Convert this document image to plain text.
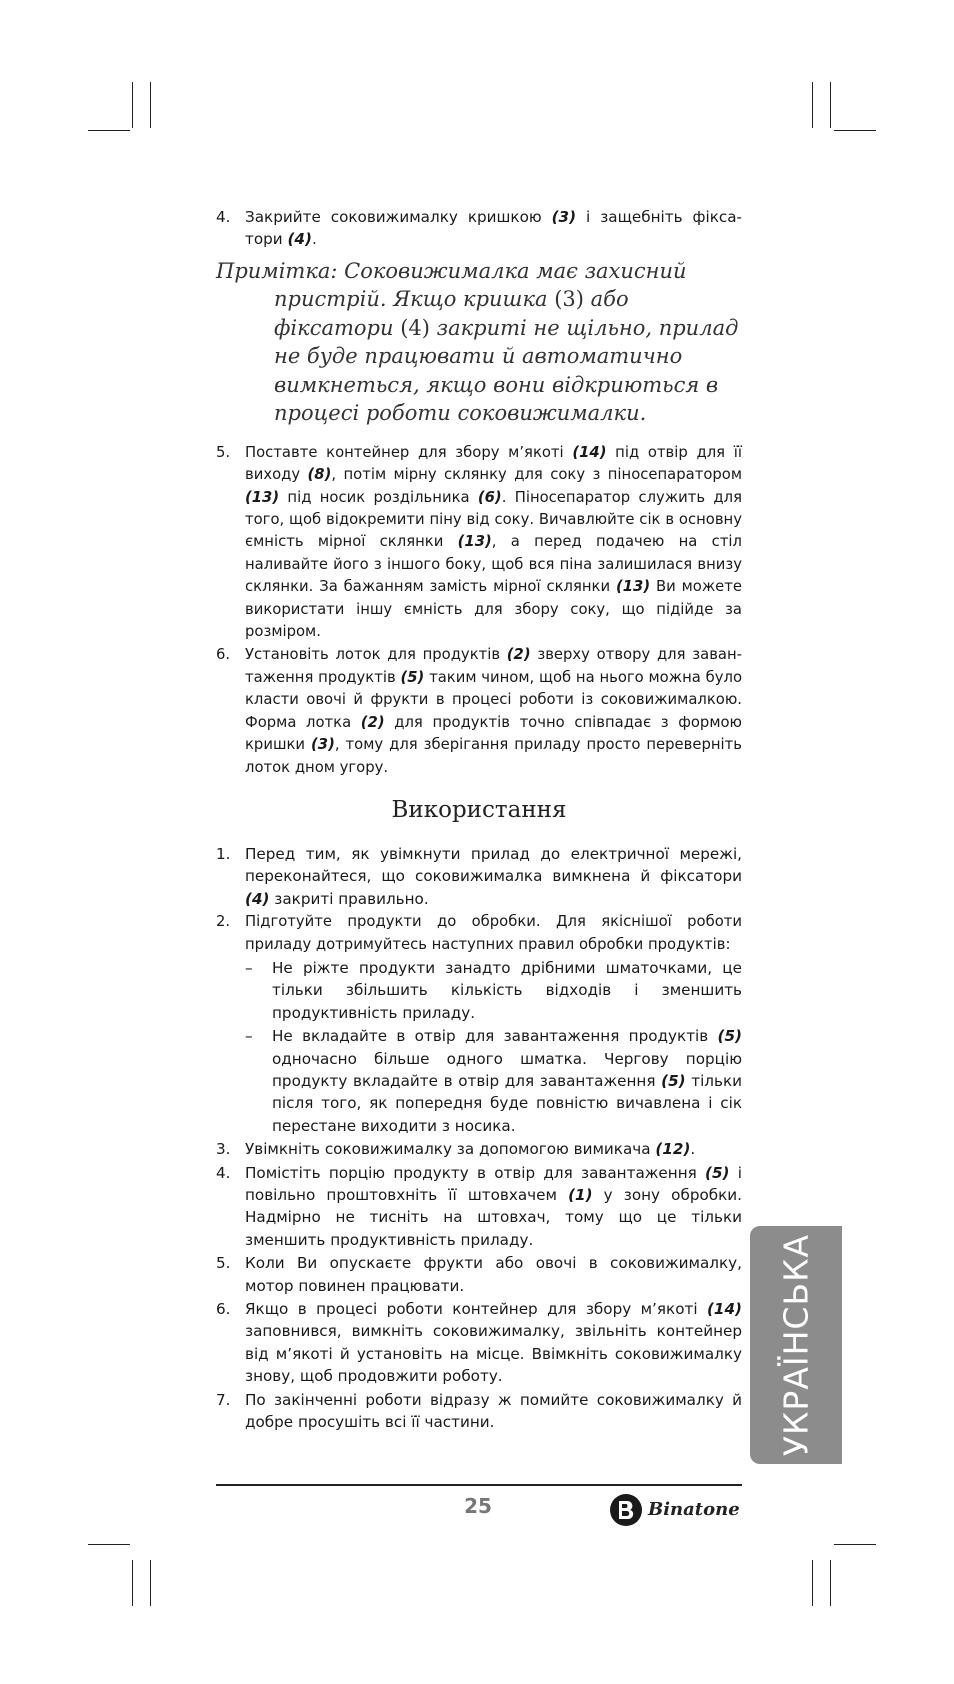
4. Закрийте соковижималку кришкою (3) і защебніть фікса-тори (4).
Примітка: Соковижималка має захисний пристрій. Якщо кришка (3) або фіксатори (4) закриті не щільно, прилад не буде працювати й автоматично вимкнеться, якщо вони відкриються в процесі роботи соковижималки.
5. Поставте контейнер для збору м’якоті (14) під отвір для її виходу (8), потім мірну склянку для соку з піносепаратором (13) під носик роздільника (6). Піносепаратор служить для того, щоб відокремити піну від соку. Вичавлюйте сік в основну ємність мірної склянки (13), а перед подачею на стіл наливайте його з іншого боку, щоб вся піна залишилася внизу склянки. За бажанням замість мірної склянки (13) Ви можете використати іншу ємність для збору соку, що підійде за розміром.
6. Установіть лоток для продуктів (2) зверху отвору для зaван-таження продуктів (5) таким чином, щоб на нього можна було класти овочі й фрукти в процесі роботи із соковижималкою. Форма лотка (2) для продуктів точно співпадає з формою кришки (3), тому для зберігання приладу просто переверніть лоток дном угору.
Використання
1. Перед тим, як увімкнути прилад до електричної мережі, переконайтеся, що соковижималка вимкнена й фіксатори (4) закриті правильно.
2. Підготуйте продукти до обробки. Для якіснішої роботи приладу дотримуйтесь наступних правил обробки продуктів:
– Не ріжте продукти занадто дрібними шматочками, це тільки збільшить кількість відходів і зменшить продуктивність приладу.
– Не вкладайте в отвір для завантаження продуктів (5) одночасно більше одного шматка. Чергову порцію продукту вкладайте в отвір для завантаження (5) тільки після того, як попередня буде повністю вичавлена і сік перестане виходити з носика.
3. Увімкніть соковижималку за допомогою вимикача (12).
4. Помістіть порцію продукту в отвір для завантаження (5) і повільно проштовхніть її штовхачем (1) у зону обробки. Надмірно не тисніть на штовхач, тому що це тільки зменшить продуктивність приладу.
5. Коли Ви опускаєте фрукти або овочі в соковижималку, мотор повинен працювати.
6. Якщо в процесі роботи контейнер для збору м’якоті (14) заповнився, вимкніть соковижималку, звільніть контейнер від м’якоті й установіть на місце. Ввімкніть соковижималку знову, щоб продовжити роботу.
7. По закінченні роботи відразу ж помийте соковижималку й добре просушіть всі її частини.	УКРАЇНСЬКА
25	Binatone
